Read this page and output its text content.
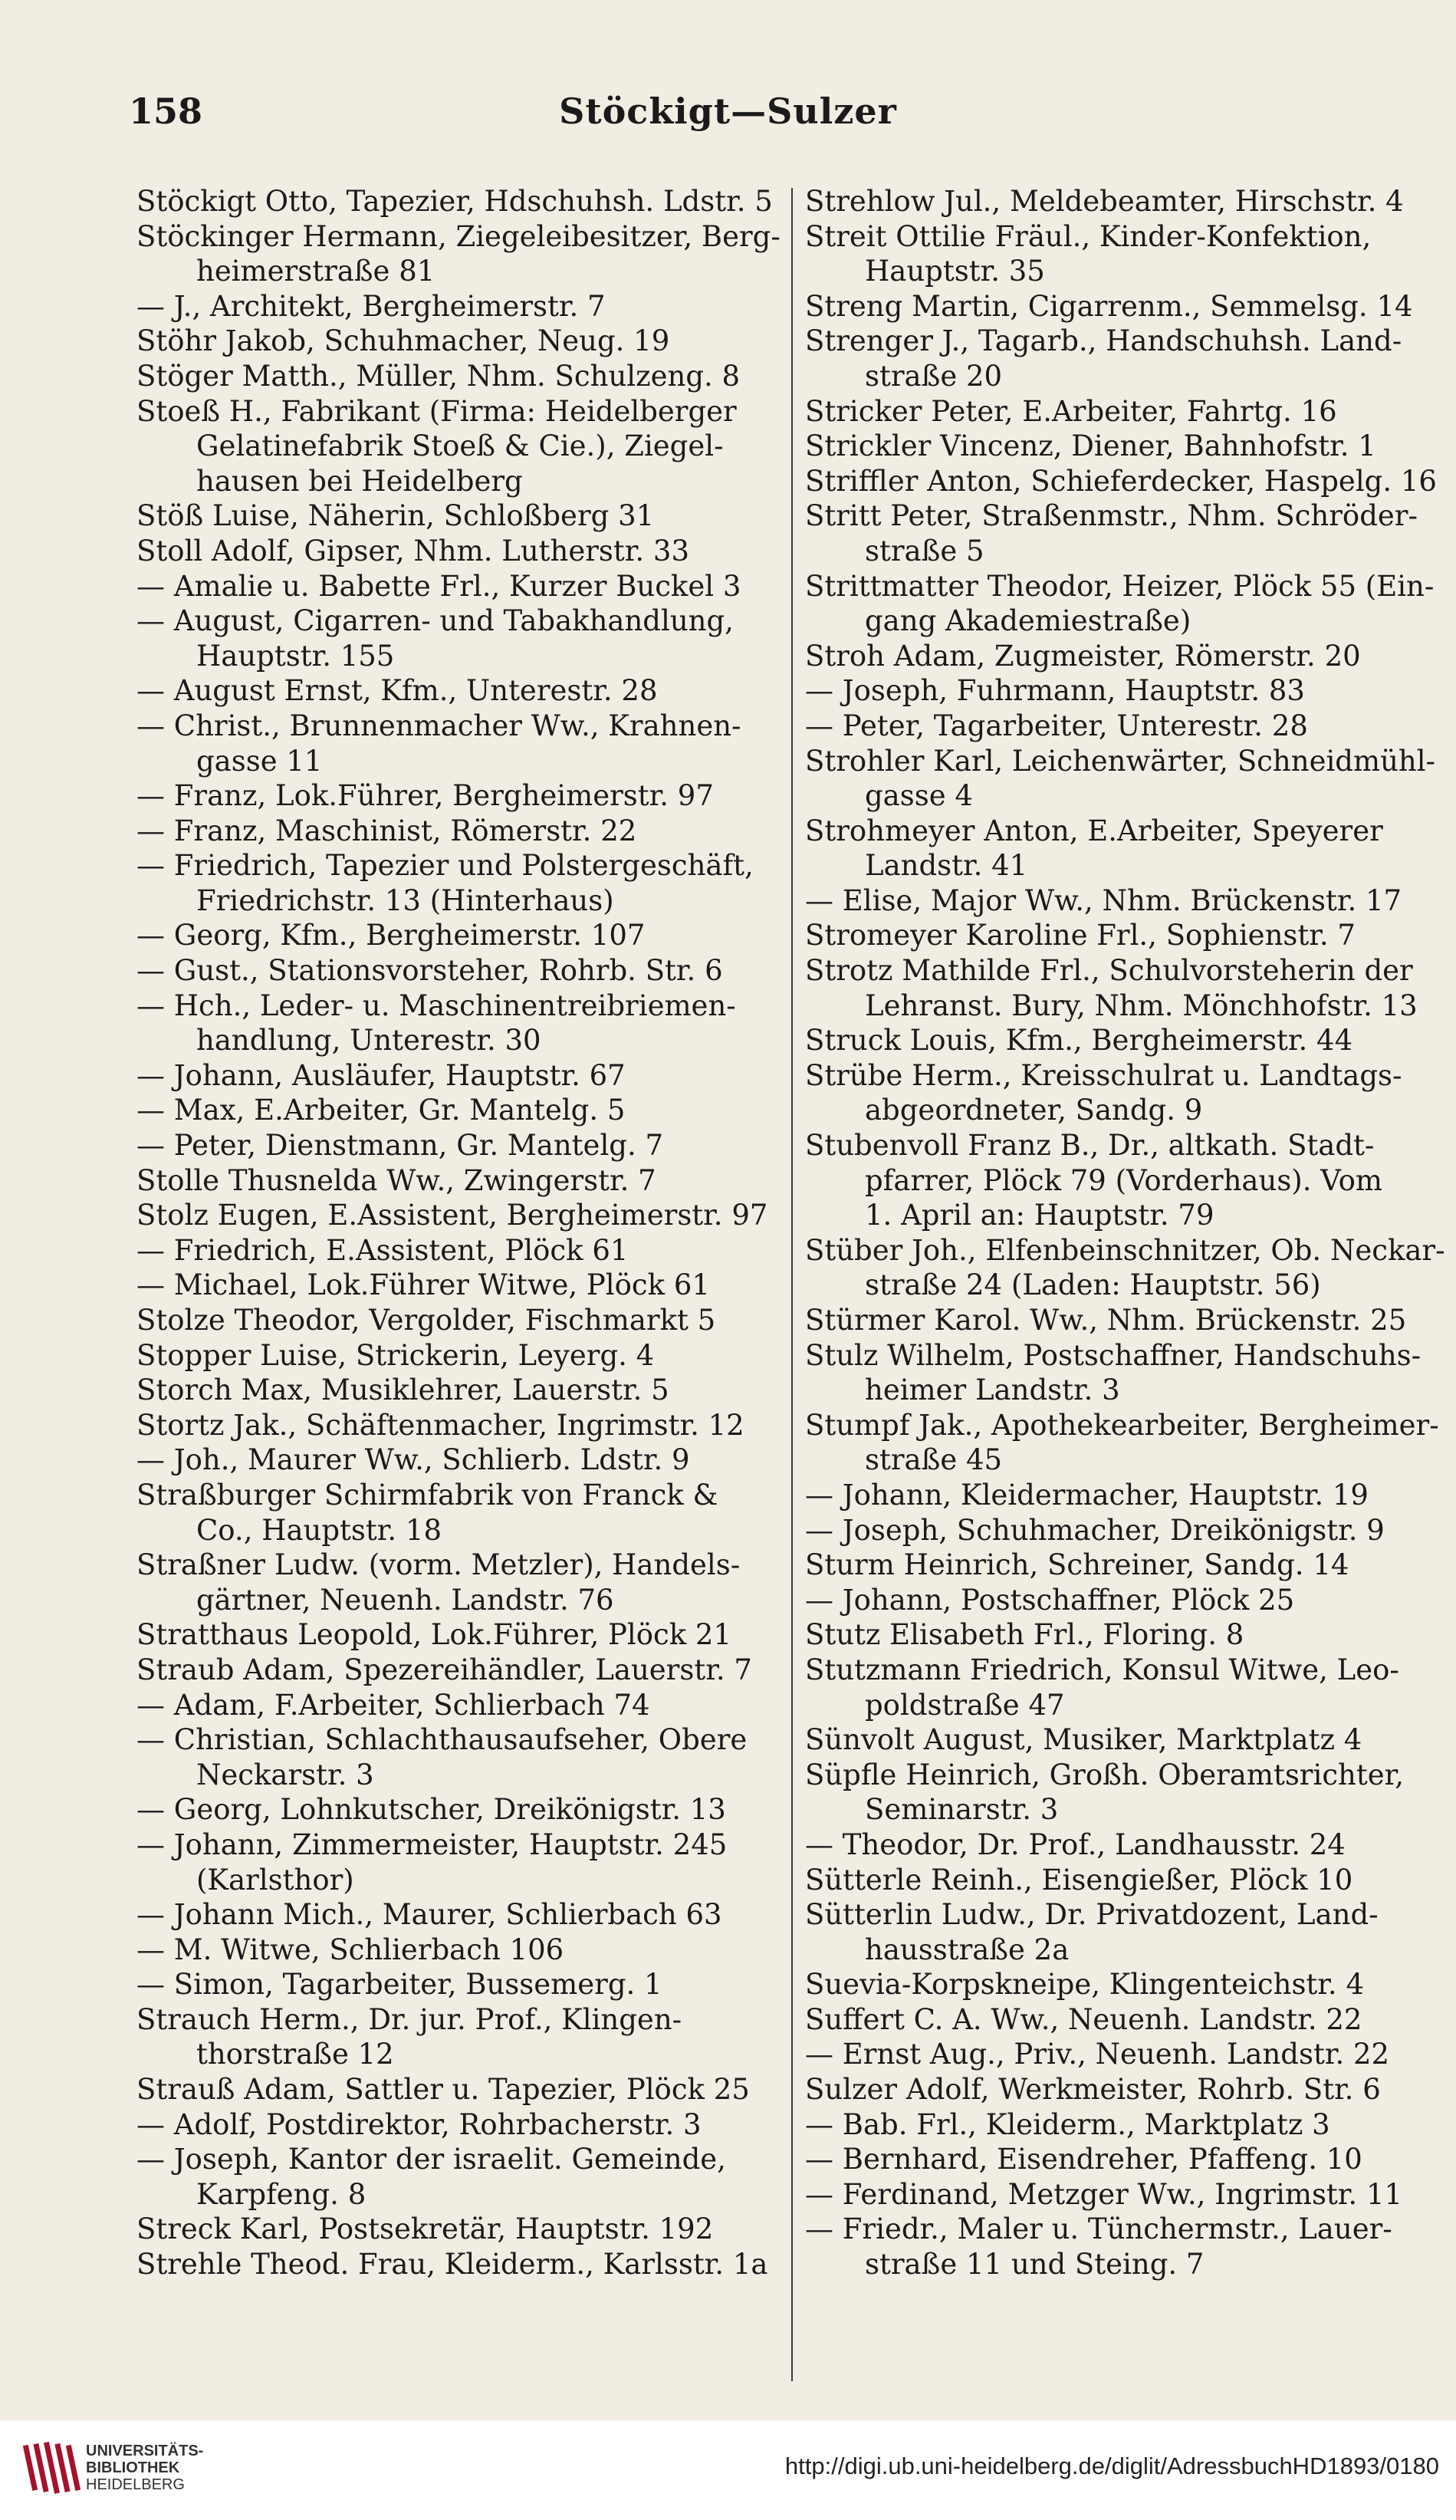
158	Stöckigt—Sulzer
Stöckigt Otto, Tapezier, Hdschuhsh. Ldstr. 5
Stöckinger Hermann, Ziegeleibesitzer, Berg-
heimerstraße 81
— J., Architekt, Bergheimerstr. 7
Stöhr Jakob, Schuhmacher, Neug. 19
Stöger Matth., Müller, Nhm. Schulzeng. 8
Stoeß H., Fabrikant (Firma: Heidelberger
Gelatinefabrik Stoeß & Cie.), Ziegel-
hausen bei Heidelberg
Stöß Luise, Näherin, Schloßberg 31
Stoll Adolf, Gipser, Nhm. Lutherstr. 33
— Amalie u. Babette Frl., Kurzer Buckel 3
— August, Cigarren- und Tabakhandlung,
Hauptstr. 155
— August Ernst, Kfm., Unterestr. 28
— Christ., Brunnenmacher Ww., Krahnen-
gasse 11
— Franz, Lok.Führer, Bergheimerstr. 97
— Franz, Maschinist, Römerstr. 22
— Friedrich, Tapezier und Polstergeschäft,
Friedrichstr. 13 (Hinterhaus)
— Georg, Kfm., Bergheimerstr. 107
— Gust., Stationsvorsteher, Rohrb. Str. 6
— Hch., Leder- u. Maschinentreibriemen-
handlung, Unterestr. 30
— Johann, Ausläufer, Hauptstr. 67
— Max, E.Arbeiter, Gr. Mantelg. 5
— Peter, Dienstmann, Gr. Mantelg. 7
Stolle Thusnelda Ww., Zwingerstr. 7
Stolz Eugen, E.Assistent, Bergheimerstr. 97
— Friedrich, E.Assistent, Plöck 61
— Michael, Lok.Führer Witwe, Plöck 61
Stolze Theodor, Vergolder, Fischmarkt 5
Stopper Luise, Strickerin, Leyerg. 4
Storch Max, Musiklehrer, Lauerstr. 5
Stortz Jak., Schäftenmacher, Ingrimstr. 12
— Joh., Maurer Ww., Schlierb. Ldstr. 9
Straßburger Schirmfabrik von Franck &
Co., Hauptstr. 18
Straßner Ludw. (vorm. Metzler), Handels-
gärtner, Neuenh. Landstr. 76
Stratthaus Leopold, Lok.Führer, Plöck 21
Straub Adam, Spezereihändler, Lauerstr. 7
— Adam, F.Arbeiter, Schlierbach 74
— Christian, Schlachthausaufseher, Obere
Neckarstr. 3
— Georg, Lohnkutscher, Dreikönigstr. 13
— Johann, Zimmermeister, Hauptstr. 245
(Karlsthor)
— Johann Mich., Maurer, Schlierbach 63
— M. Witwe, Schlierbach 106
— Simon, Tagarbeiter, Bussemerg. 1
Strauch Herm., Dr. jur. Prof., Klingen-
thorstraße 12
Strauß Adam, Sattler u. Tapezier, Plöck 25
— Adolf, Postdirektor, Rohrbacherstr. 3
— Joseph, Kantor der israelit. Gemeinde,
Karpfeng. 8
Streck Karl, Postsekretär, Hauptstr. 192
Strehle Theod. Frau, Kleiderm., Karlsstr. 1a
Strehlow Jul., Meldebeamter, Hirschstr. 4
Streit Ottilie Fräul., Kinder-Konfektion,
Hauptstr. 35
Streng Martin, Cigarrenm., Semmelsg. 14
Strenger J., Tagarb., Handschuhsh. Land-
straße 20
Stricker Peter, E.Arbeiter, Fahrtg. 16
Strickler Vincenz, Diener, Bahnhofstr. 1
Striffler Anton, Schieferdecker, Haspelg. 16
Stritt Peter, Straßenmstr., Nhm. Schröder-
straße 5
Strittmatter Theodor, Heizer, Plöck 55 (Ein-
gang Akademiestraße)
Stroh Adam, Zugmeister, Römerstr. 20
— Joseph, Fuhrmann, Hauptstr. 83
— Peter, Tagarbeiter, Unterestr. 28
Strohler Karl, Leichenwärter, Schneidmühl-
gasse 4
Strohmeyer Anton, E.Arbeiter, Speyerer
Landstr. 41
— Elise, Major Ww., Nhm. Brückenstr. 17
Stromeyer Karoline Frl., Sophienstr. 7
Strotz Mathilde Frl., Schulvorsteherin der
Lehranst. Bury, Nhm. Mönchhofstr. 13
Struck Louis, Kfm., Bergheimerstr. 44
Strübe Herm., Kreisschulrat u. Landtags-
abgeordneter, Sandg. 9
Stubenvoll Franz B., Dr., altkath. Stadt-
pfarrer, Plöck 79 (Vorderhaus). Vom
1. April an: Hauptstr. 79
Stüber Joh., Elfenbeinschnitzer, Ob. Neckar-
straße 24 (Laden: Hauptstr. 56)
Stürmer Karol. Ww., Nhm. Brückenstr. 25
Stulz Wilhelm, Postschaffner, Handschuhs-
heimer Landstr. 3
Stumpf Jak., Apothekearbeiter, Bergheimer-
straße 45
— Johann, Kleidermacher, Hauptstr. 19
— Joseph, Schuhmacher, Dreikönigstr. 9
Sturm Heinrich, Schreiner, Sandg. 14
— Johann, Postschaffner, Plöck 25
Stutz Elisabeth Frl., Floring. 8
Stutzmann Friedrich, Konsul Witwe, Leo-
poldstraße 47
Sünvolt August, Musiker, Marktplatz 4
Süpfle Heinrich, Großh. Oberamtsrichter,
Seminarstr. 3
— Theodor, Dr. Prof., Landhausstr. 24
Sütterle Reinh., Eisengießer, Plöck 10
Sütterlin Ludw., Dr. Privatdozent, Land-
hausstraße 2a
Suevia-Korpskneipe, Klingenteichstr. 4
Suffert C. A. Ww., Neuenh. Landstr. 22
— Ernst Aug., Priv., Neuenh. Landstr. 22
Sulzer Adolf, Werkmeister, Rohrb. Str. 6
— Bab. Frl., Kleiderm., Marktplatz 3
— Bernhard, Eisendreher, Pfaffeng. 10
— Ferdinand, Metzger Ww., Ingrimstr. 11
— Friedr., Maler u. Tünchermstr., Lauer-
straße 11 und Steing. 7
UNIVERSITÄTS-
BIBLIOTHEK
HEIDELBERG
http://digi.ub.uni-heidelberg.de/diglit/AdressbuchHD1893/0180
